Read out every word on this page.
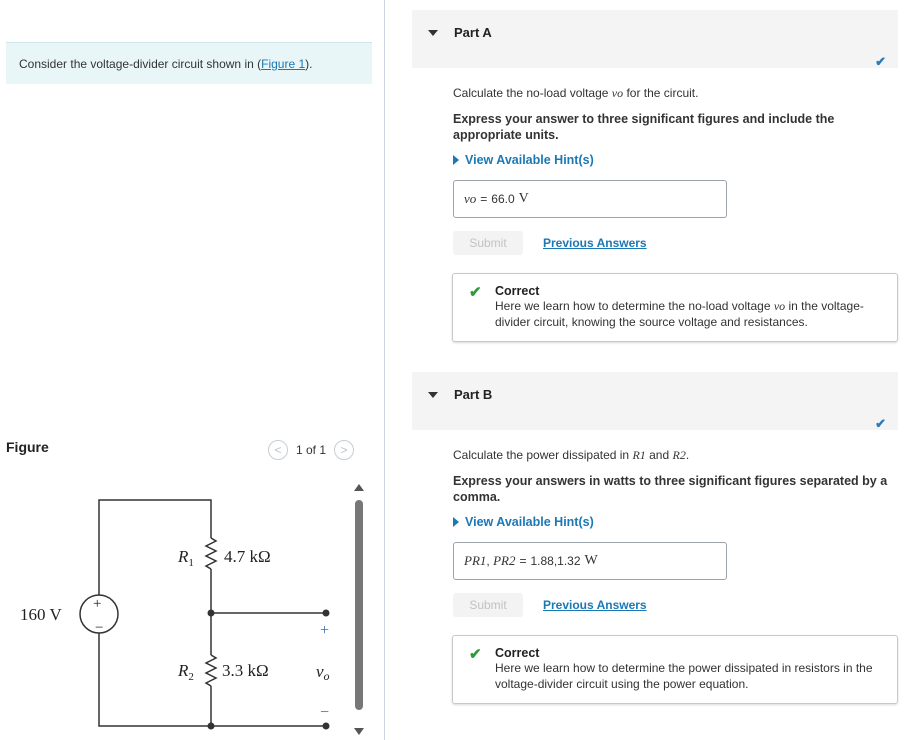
Consider the voltage-divider circuit shown in (Figure 1).
Figure	<	1 of 1	>
+
−
160 V
$R_1$ 4.7 kΩ
$R_2$ 3.3 kΩ
+
vo
−
Part A
✔
Calculate the no-load voltage vo for the circuit.
Express your answer to three significant figures and include the appropriate units.
View Available Hint(s)
vo = 66.0 V
Submit	Previous Answers
✔ Correct
Here we learn how to determine the no-load voltage vo in the voltage-divider circuit, knowing the source voltage and resistances.
Part B
✔
Calculate the power dissipated in R1 and R2.
Express your answers in watts to three significant figures separated by a comma.
View Available Hint(s)
PR1 , PR2 = 1.88,1.32 W
Submit	Previous Answers
✔ Correct
Here we learn how to determine the power dissipated in resistors in the voltage-divider circuit using the power equation.
